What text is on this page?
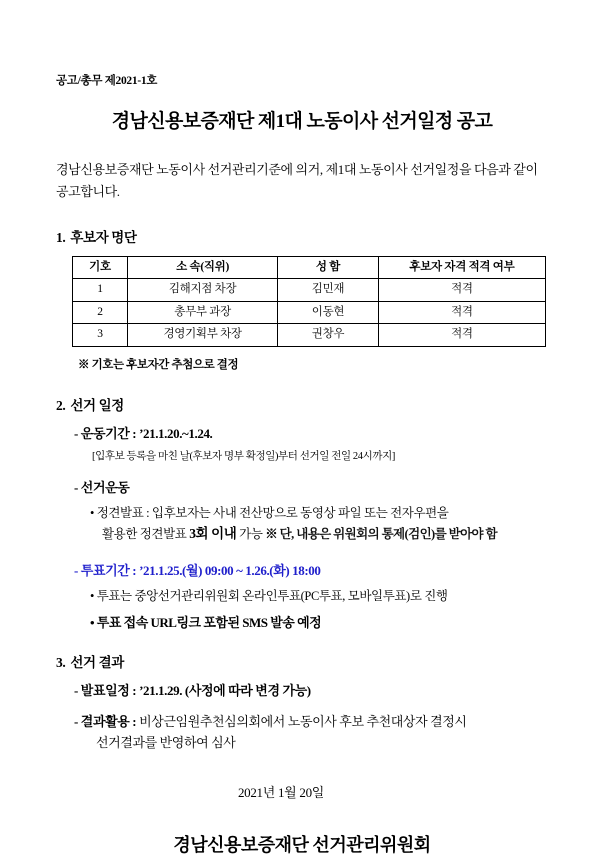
공고/총무 제2021-1호
경남신용보증재단 제1대 노동이사 선거일정 공고

경남신용보증재단 노동이사 선거관리기준에 의거, 제1대 노동이사 선거일정을 다음과 같이 공고합니다.

1. 후보자 명단
기호	소 속(직위)	성 함	후보자 자격 적격 여부
1	김해지점 차장	김민재	적격
2	총무부 과장	이동현	적격
3	경영기획부 차장	권창우	적격
※ 기호는 후보자간 추첨으로 결정
2. 선거 일정
- 운동기간 : ’21.1.20.~1.24.
[입후보 등록을 마친 날(후보자 명부 확정일)부터 선거일 전일 24시까지]
- 선거운동
• 정견발표 : 입후보자는 사내 전산망으로 동영상 파일 또는 전자우편을
활용한 정견발표 3회 이내 가능 ※ 단, 내용은 위원회의 통제(검인)를 받아야 함
- 투표기간 : ’21.1.25.(월) 09:00 ~ 1.26.(화) 18:00
• 투표는 중앙선거관리위원회 온라인투표(PC투표, 모바일투표)로 진행
• 투표 접속 URL링크 포함된 SMS 발송 예정
3. 선거 결과
- 발표일정 : ’21.1.29. (사정에 따라 변경 가능)
- 결과활용 : 비상근임원추천심의회에서 노동이사 후보 추천대상자 결정시
선거결과를 반영하여 심사
2021년 1월 20일
경남신용보증재단 선거관리위원회
